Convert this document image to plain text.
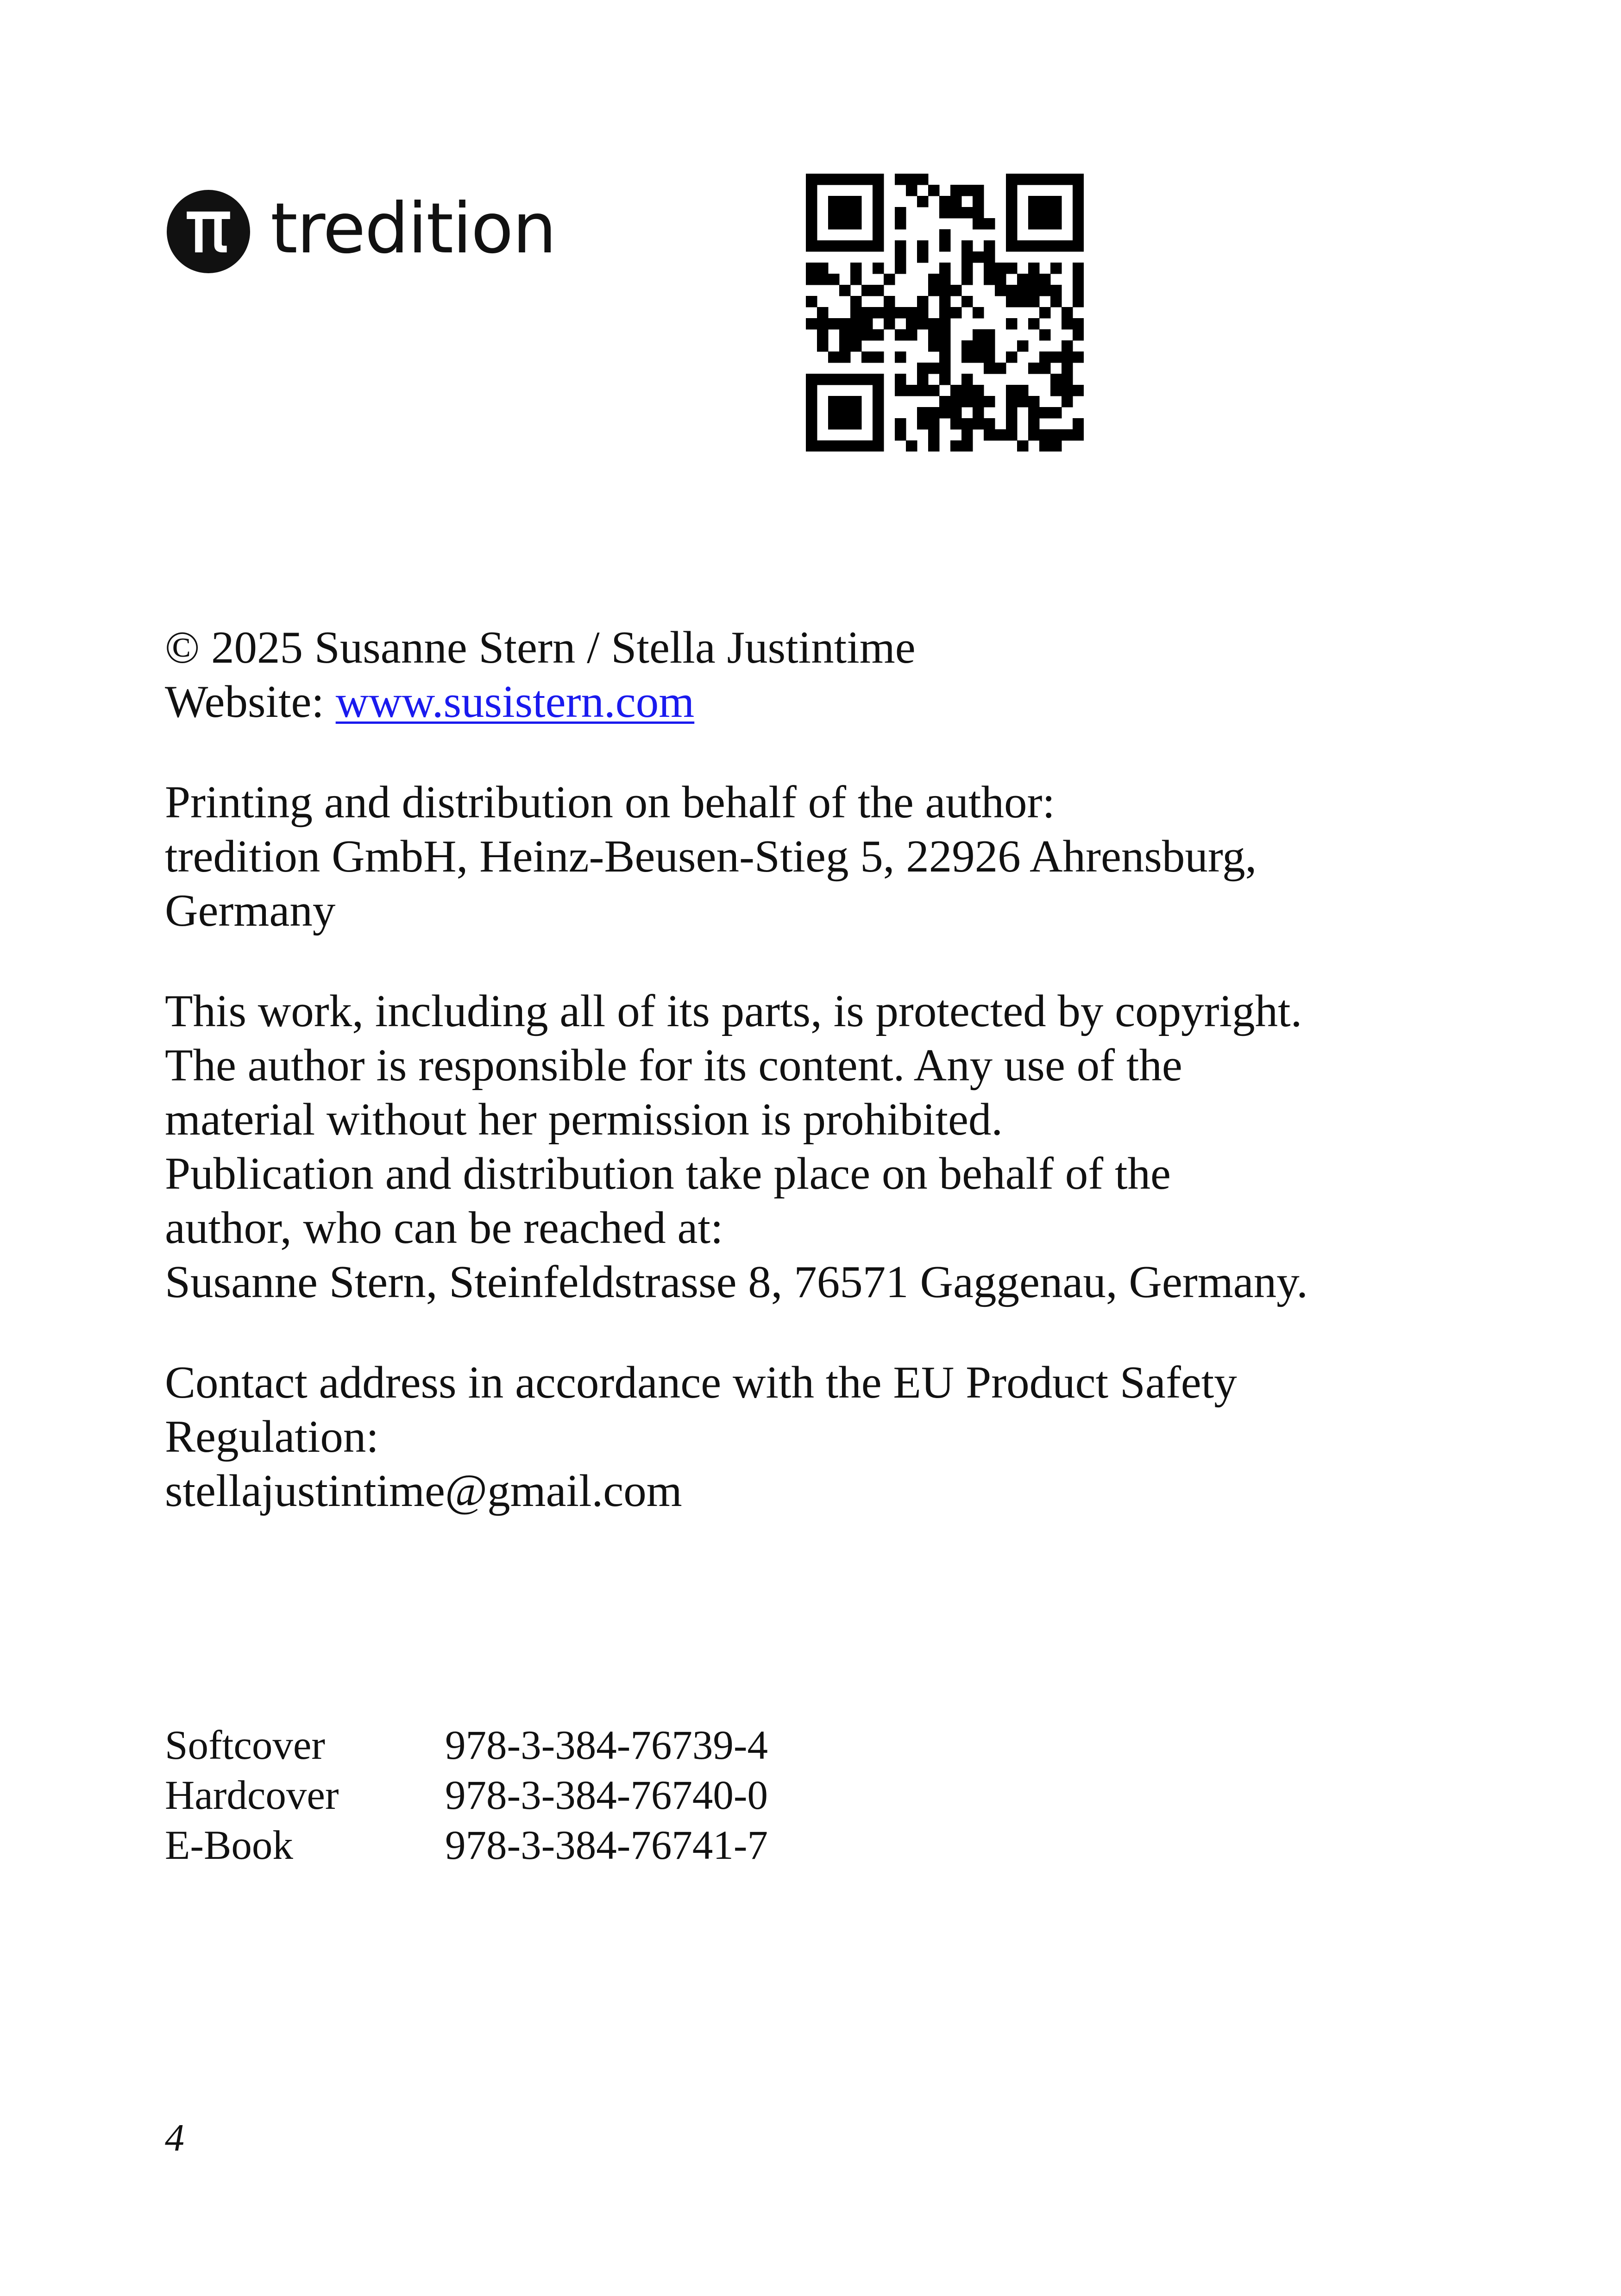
tredition

© 2025 Susanne Stern / Stella Justintime
Website: www.susistern.com

Printing and distribution on behalf of the author:
tredition GmbH, Heinz-Beusen-Stieg 5, 22926 Ahrensburg,
Germany

This work, including all of its parts, is protected by copyright.
The author is responsible for its content. Any use of the
material without her permission is prohibited.
Publication and distribution take place on behalf of the
author, who can be reached at:
Susanne Stern, Steinfeldstrasse 8, 76571 Gaggenau, Germany.

Contact address in accordance with the EU Product Safety
Regulation:
stellajustintime@gmail.com

Softcover	978-3-384-76739-4
Hardcover	978-3-384-76740-0
E-Book	978-3-384-76741-7
4
